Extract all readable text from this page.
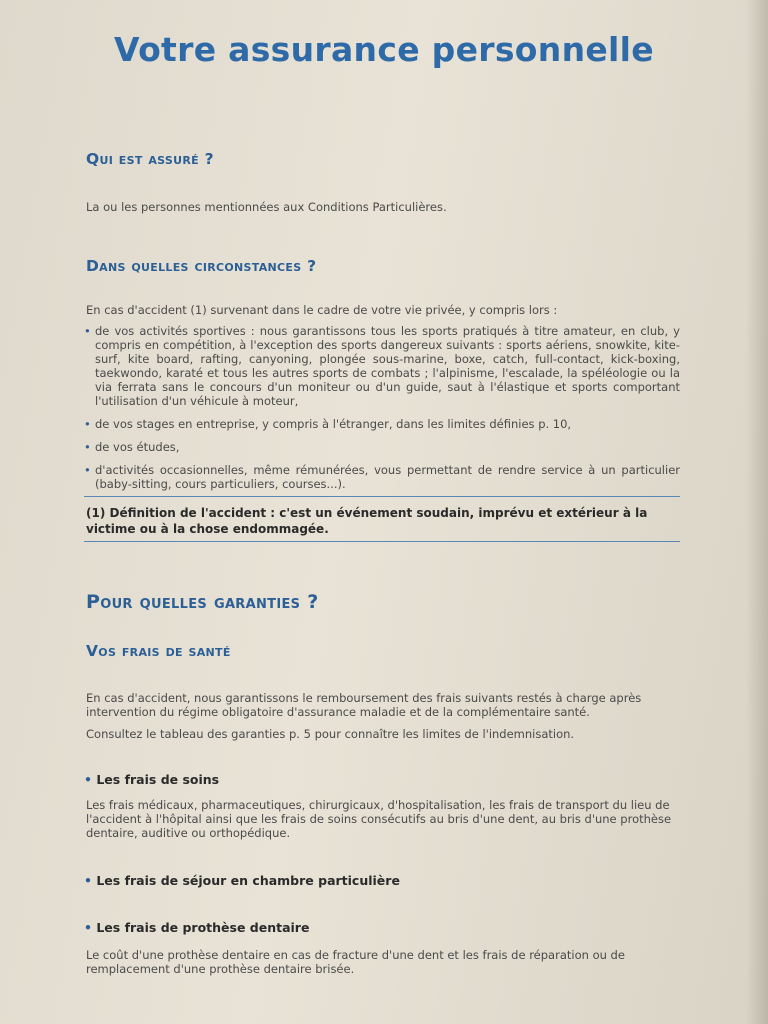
Votre assurance personnelle
Qui est assuré ?

La ou les personnes mentionnées aux Conditions Particulières.

Dans quelles circonstances ?

En cas d'accident (1) survenant dans le cadre de votre vie privée, y compris lors :

• de vos activités sportives : nous garantissons tous les sports pratiqués à titre amateur, en club, y compris en compétition, à l'exception des sports dangereux suivants : sports aériens, snowkite, kite-surf, kite board, rafting, canyoning, plongée sous-marine, boxe, catch, full-contact, kick-boxing, taekwondo, karaté et tous les autres sports de combats ; l'alpinisme, l'escalade, la spéléologie ou la via ferrata sans le concours d'un moniteur ou d'un guide, saut à l'élastique et sports comportant l'utilisation d'un véhicule à moteur,
• de vos stages en entreprise, y compris à l'étranger, dans les limites définies p. 10,
• de vos études,
• d'activités occasionnelles, même rémunérées, vous permettant de rendre service à un particulier (baby-sitting, cours particuliers, courses...).

(1) Définition de l'accident : c'est un événement soudain, imprévu et extérieur à la victime ou à la chose endommagée.

Pour quelles garanties ?
Vos frais de santé

En cas d'accident, nous garantissons le remboursement des frais suivants restés à charge après intervention du régime obligatoire d'assurance maladie et de la complémentaire santé.

Consultez le tableau des garanties p. 5 pour connaître les limites de l'indemnisation.

• Les frais de soins

Les frais médicaux, pharmaceutiques, chirurgicaux, d'hospitalisation, les frais de transport du lieu de l'accident à l'hôpital ainsi que les frais de soins consécutifs au bris d'une dent, au bris d'une prothèse dentaire, auditive ou orthopédique.

• Les frais de séjour en chambre particulière

• Les frais de prothèse dentaire

Le coût d'une prothèse dentaire en cas de fracture d'une dent et les frais de réparation ou de remplacement d'une prothèse dentaire brisée.
